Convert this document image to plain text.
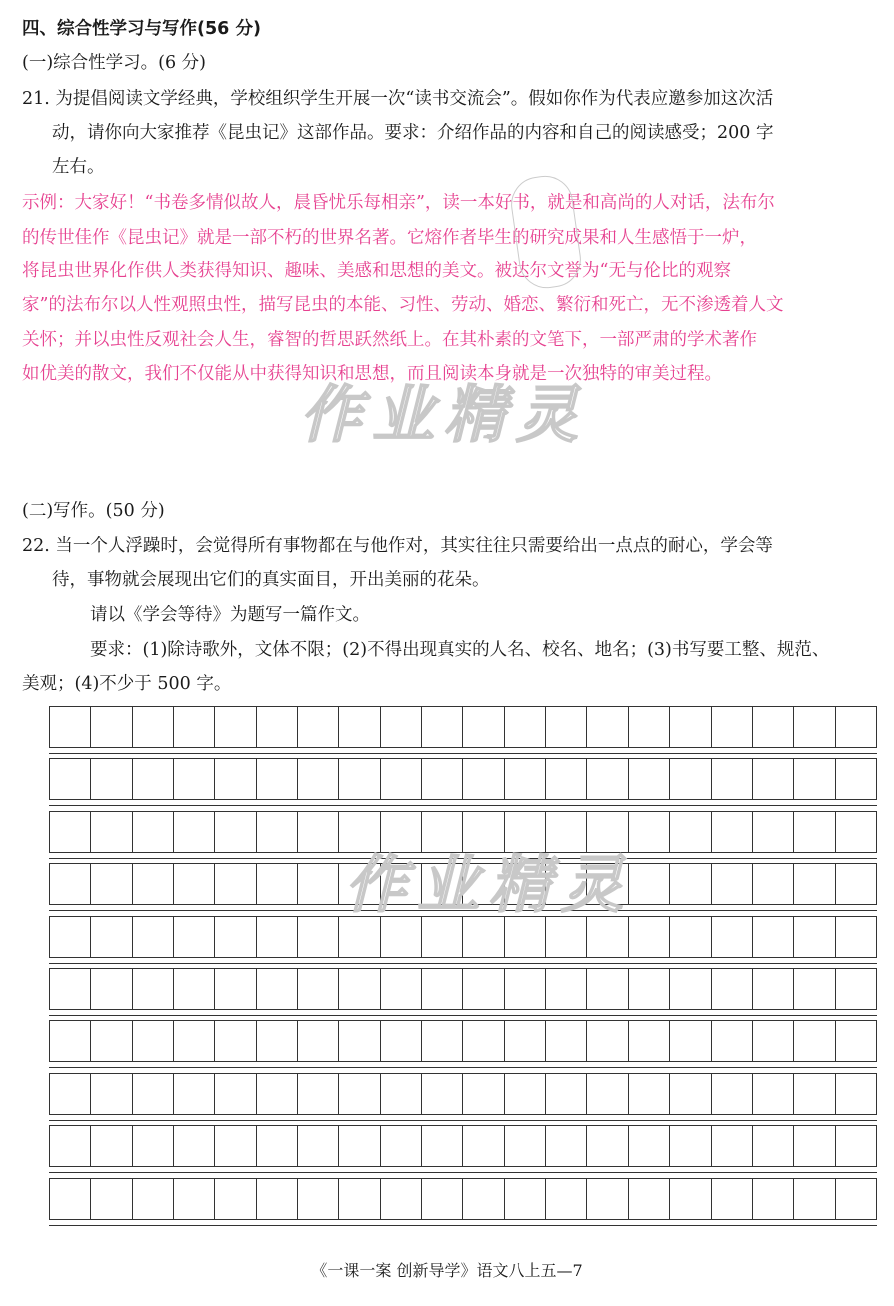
四、综合性学习与写作(56 分)
(一)综合性学习。(6 分)
21. 为提倡阅读文学经典，学校组织学生开展一次“读书交流会”。假如你作为代表应邀参加这次活
动，请你向大家推荐《昆虫记》这部作品。要求：介绍作品的内容和自己的阅读感受；200 字
左右。
示例：大家好！“书卷多情似故人，晨昏忧乐每相亲”，读一本好书，就是和高尚的人对话，法布尔
的传世佳作《昆虫记》就是一部不朽的世界名著。它熔作者毕生的研究成果和人生感悟于一炉，
将昆虫世界化作供人类获得知识、趣味、美感和思想的美文。被达尔文誉为“无与伦比的观察
家”的法布尔以人性观照虫性，描写昆虫的本能、习性、劳动、婚恋、繁衍和死亡，无不渗透着人文
关怀；并以虫性反观社会人生，睿智的哲思跃然纸上。在其朴素的文笔下，一部严肃的学术著作
如优美的散文，我们不仅能从中获得知识和思想，而且阅读本身就是一次独特的审美过程。
作业精灵
(二)写作。(50 分)
22. 当一个人浮躁时，会觉得所有事物都在与他作对，其实往往只需要给出一点点的耐心，学会等
待，事物就会展现出它们的真实面目，开出美丽的花朵。
请以《学会等待》为题写一篇作文。
要求：(1)除诗歌外，文体不限；(2)不得出现真实的人名、校名、地名；(3)书写要工整、规范、
美观；(4)不少于 500 字。
作业精灵
《一课一案 创新导学》语文八上五—7
